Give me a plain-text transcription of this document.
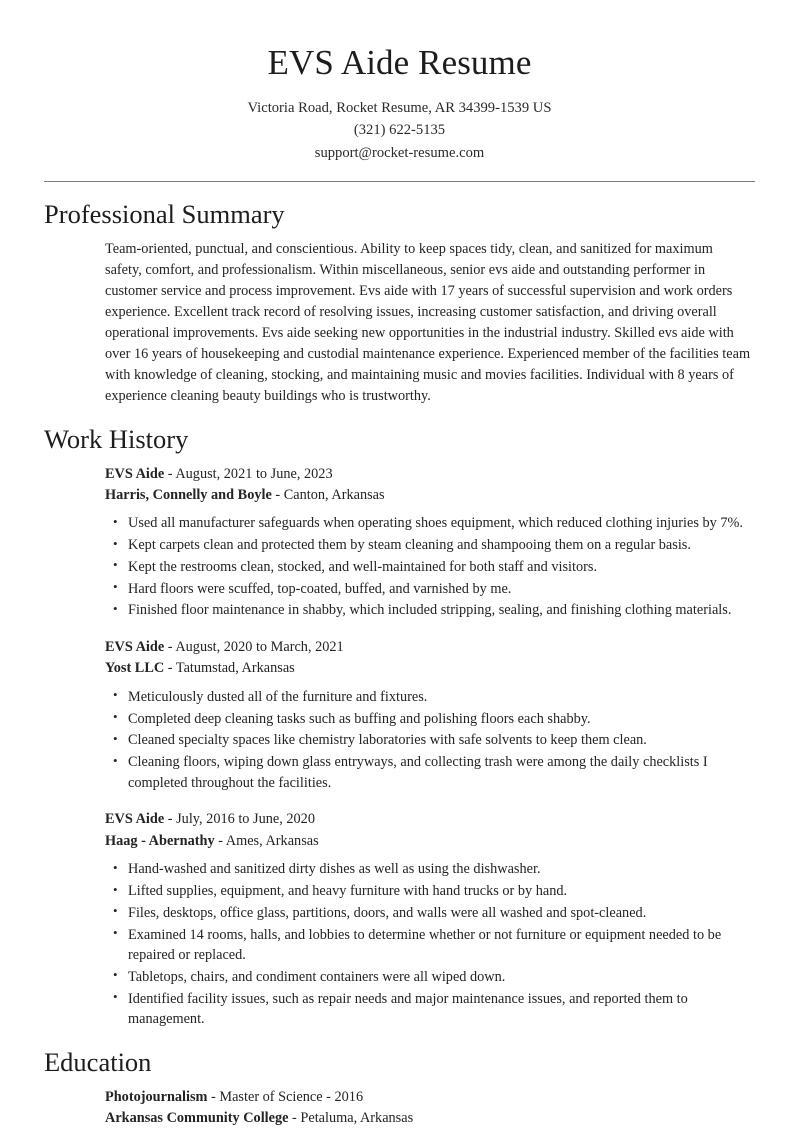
EVS Aide Resume
Victoria Road, Rocket Resume, AR 34399-1539 US
(321) 622-5135
support@rocket-resume.com
Professional Summary

Team-oriented, punctual, and conscientious. Ability to keep spaces tidy, clean, and sanitized for maximum safety, comfort, and professionalism. Within miscellaneous, senior evs aide and outstanding performer in customer service and process improvement. Evs aide with 17 years of successful supervision and work orders experience. Excellent track record of resolving issues, increasing customer satisfaction, and driving overall operational improvements. Evs aide seeking new opportunities in the industrial industry. Skilled evs aide with over 16 years of housekeeping and custodial maintenance experience. Experienced member of the facilities team with knowledge of cleaning, stocking, and maintaining music and movies facilities. Individual with 8 years of experience cleaning beauty buildings who is trustworthy.

Work History
EVS Aide - August, 2021 to June, 2023
Harris, Connelly and Boyle - Canton, Arkansas
• Used all manufacturer safeguards when operating shoes equipment, which reduced clothing injuries by 7%.
• Kept carpets clean and protected them by steam cleaning and shampooing them on a regular basis.
• Kept the restrooms clean, stocked, and well-maintained for both staff and visitors.
• Hard floors were scuffed, top-coated, buffed, and varnished by me.
• Finished floor maintenance in shabby, which included stripping, sealing, and finishing clothing materials.
EVS Aide - August, 2020 to March, 2021
Yost LLC - Tatumstad, Arkansas
• Meticulously dusted all of the furniture and fixtures.
• Completed deep cleaning tasks such as buffing and polishing floors each shabby.
• Cleaned specialty spaces like chemistry laboratories with safe solvents to keep them clean.
• Cleaning floors, wiping down glass entryways, and collecting trash were among the daily checklists I completed throughout the facilities.
EVS Aide - July, 2016 to June, 2020
Haag - Abernathy - Ames, Arkansas
• Hand-washed and sanitized dirty dishes as well as using the dishwasher.
• Lifted supplies, equipment, and heavy furniture with hand trucks or by hand.
• Files, desktops, office glass, partitions, doors, and walls were all washed and spot-cleaned.
• Examined 14 rooms, halls, and lobbies to determine whether or not furniture or equipment needed to be repaired or replaced.
• Tabletops, chairs, and condiment containers were all wiped down.
• Identified facility issues, such as repair needs and major maintenance issues, and reported them to management.
Education
Photojournalism - Master of Science - 2016
Arkansas Community College - Petaluma, Arkansas
